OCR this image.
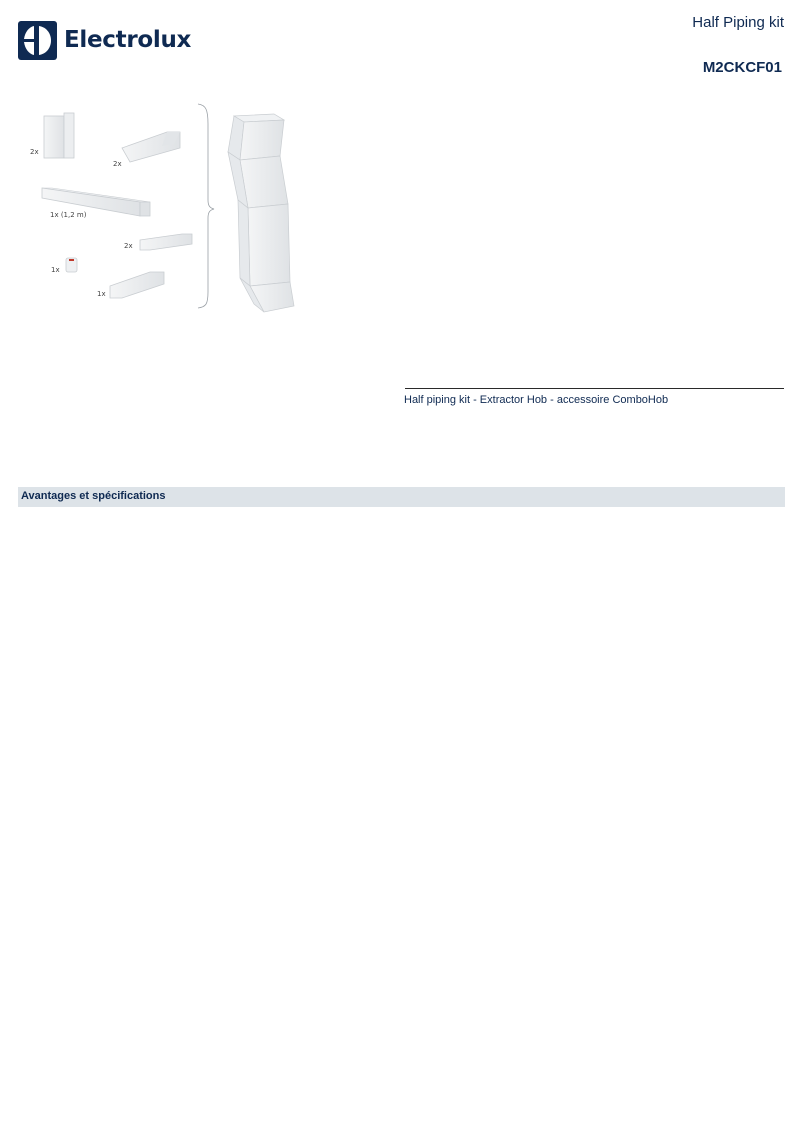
Electrolux
Half Piping kit
M2CKCF01
2x
2x
1x (1,2 m)
2x
1x
1x
Half piping kit - Extractor Hob - accessoire ComboHob
Avantages et spécifications
